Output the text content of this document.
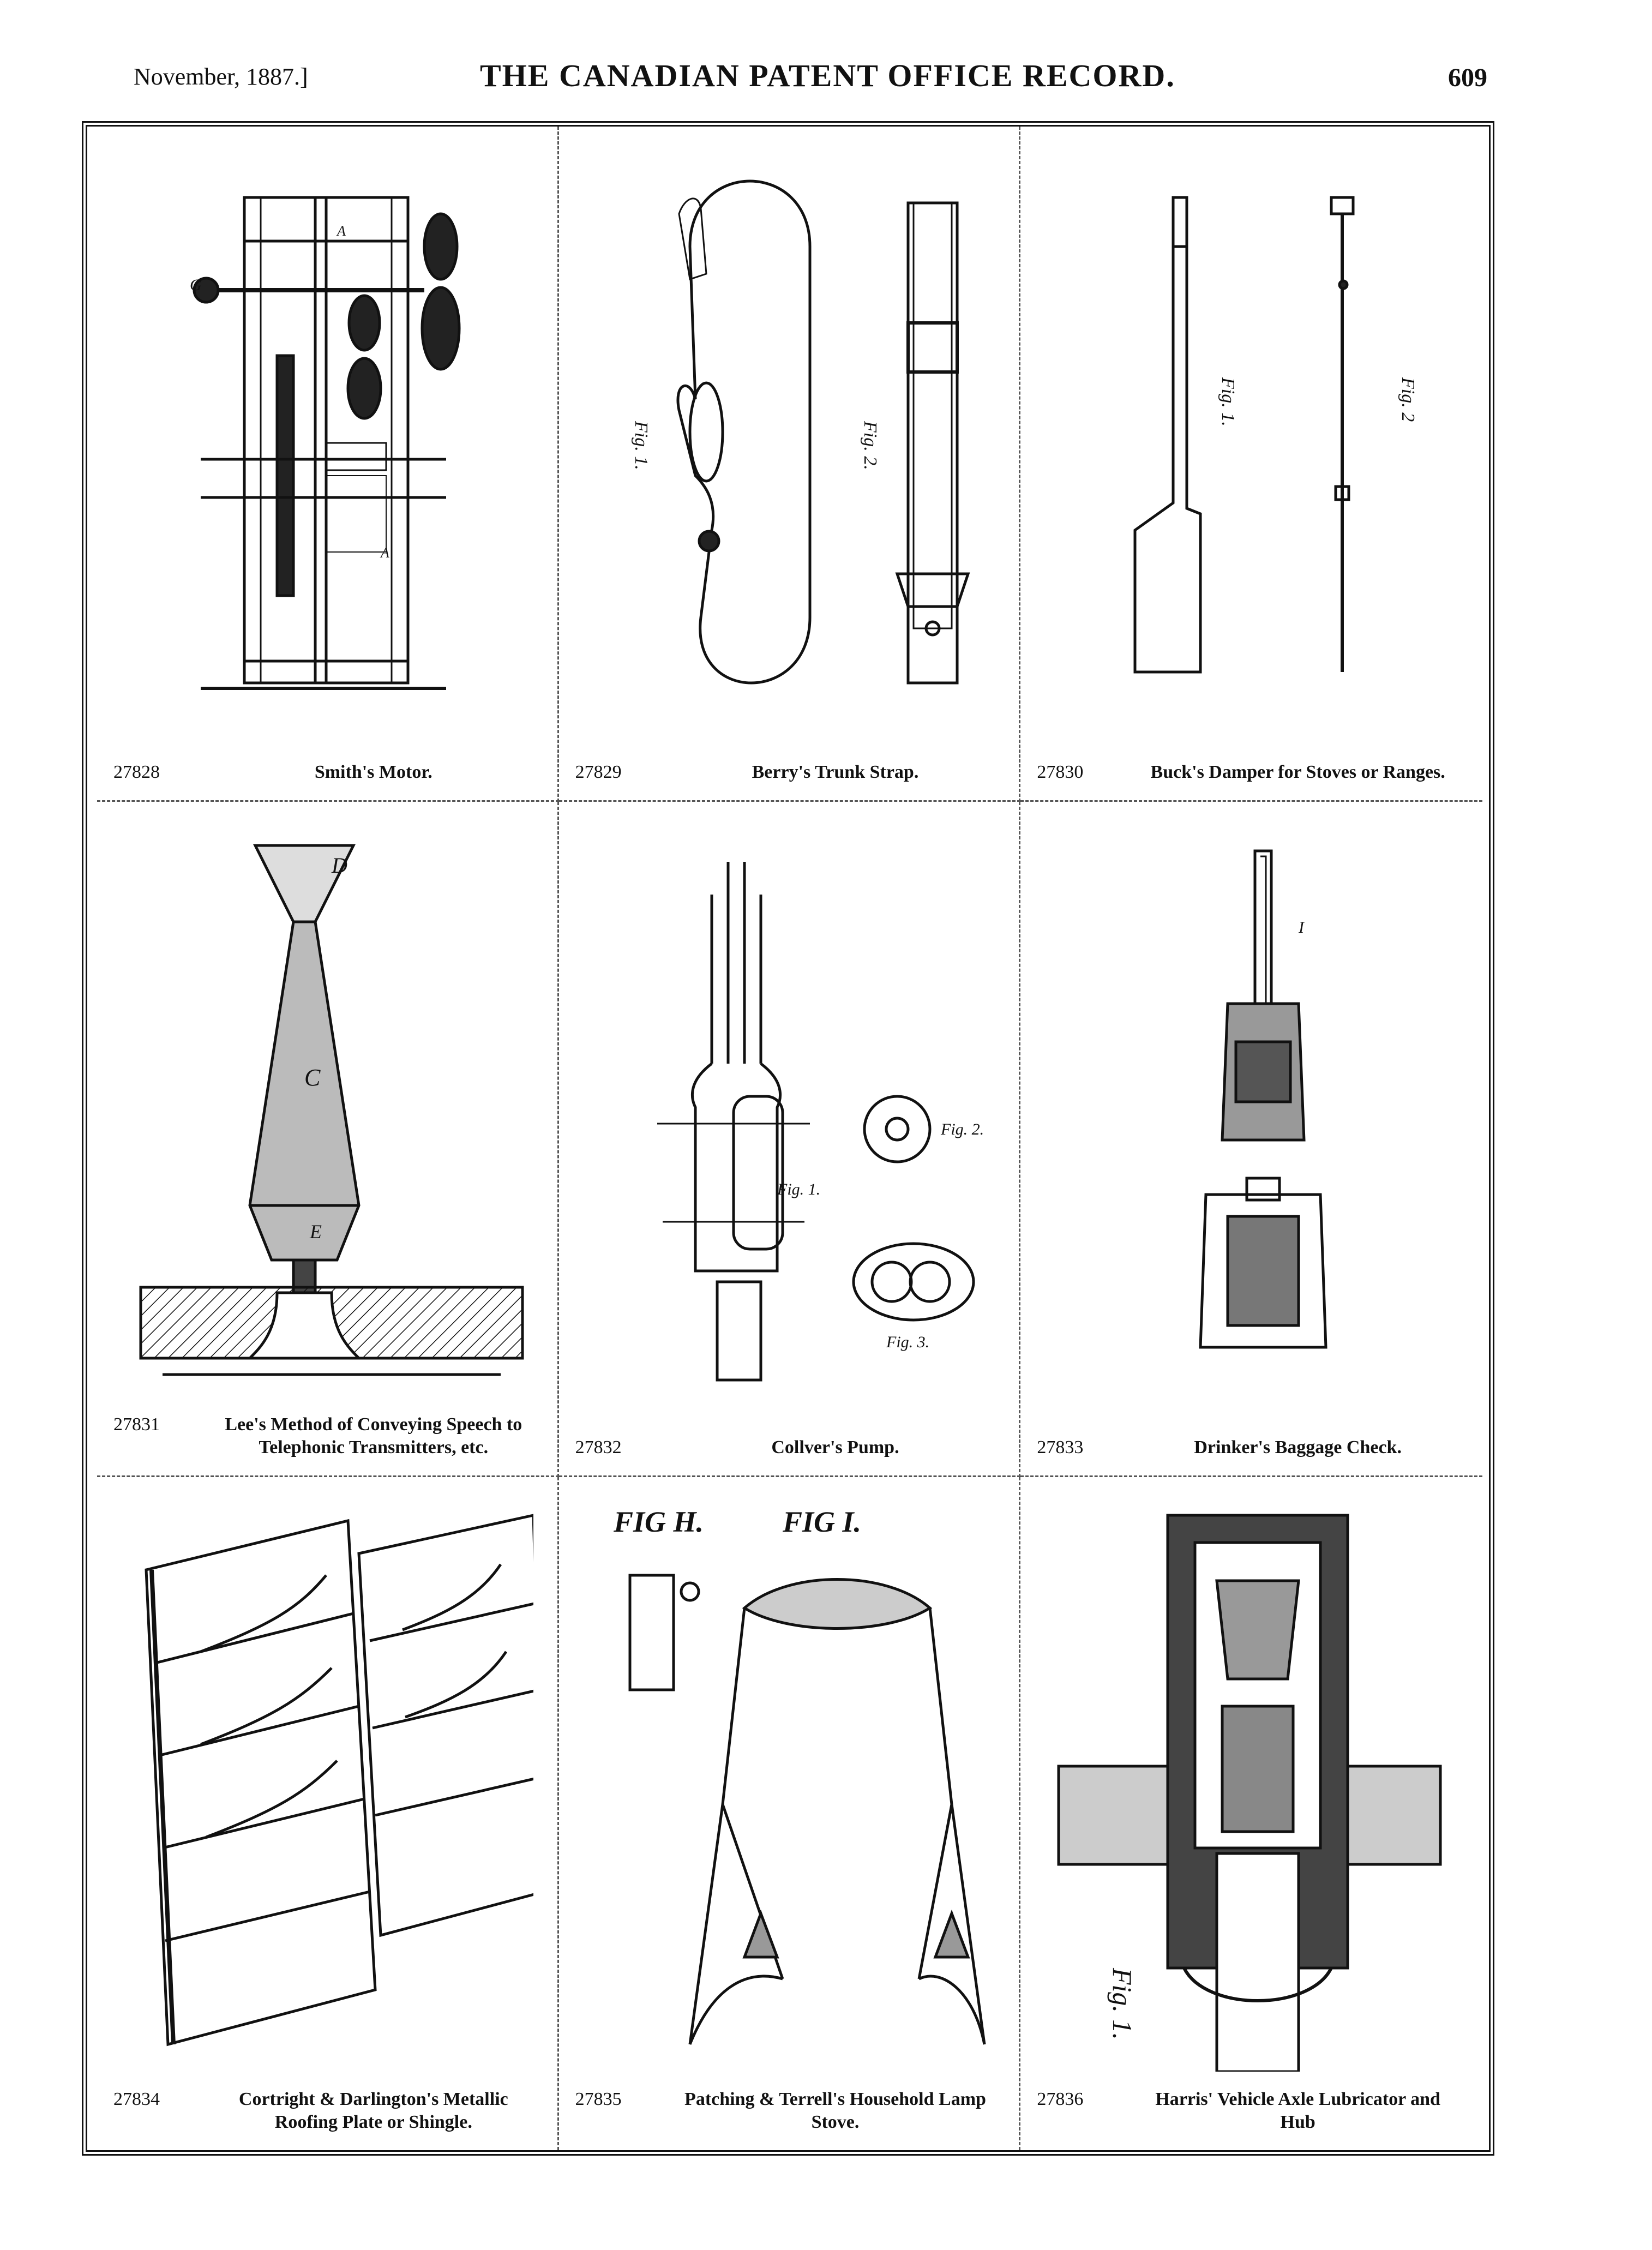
November, 1887.]	THE CANADIAN PATENT OFFICE RECORD.	609
G
A
A
27828	Smith's Motor.
Fig. 1.	Fig. 2.
27829	Berry's Trunk Strap.
Fig. 1.	Fig. 2
27830	Buck's Damper for Stoves or Ranges.
D
C
E
27831	Lee's Method of Conveying Speech to Telephonic Transmitters, etc.
Fig. 2.
Fig. 1.
Fig. 3.
27832	Collver's Pump.
I
27833	Drinker's Baggage Check.
27834	Cortright & Darlington's Metallic Roofing Plate or Shingle.
FIG H.	FIG I.
27835	Patching & Terrell's Household Lamp Stove.
Fig. 1.
27836	Harris' Vehicle Axle Lubricator and Hub
